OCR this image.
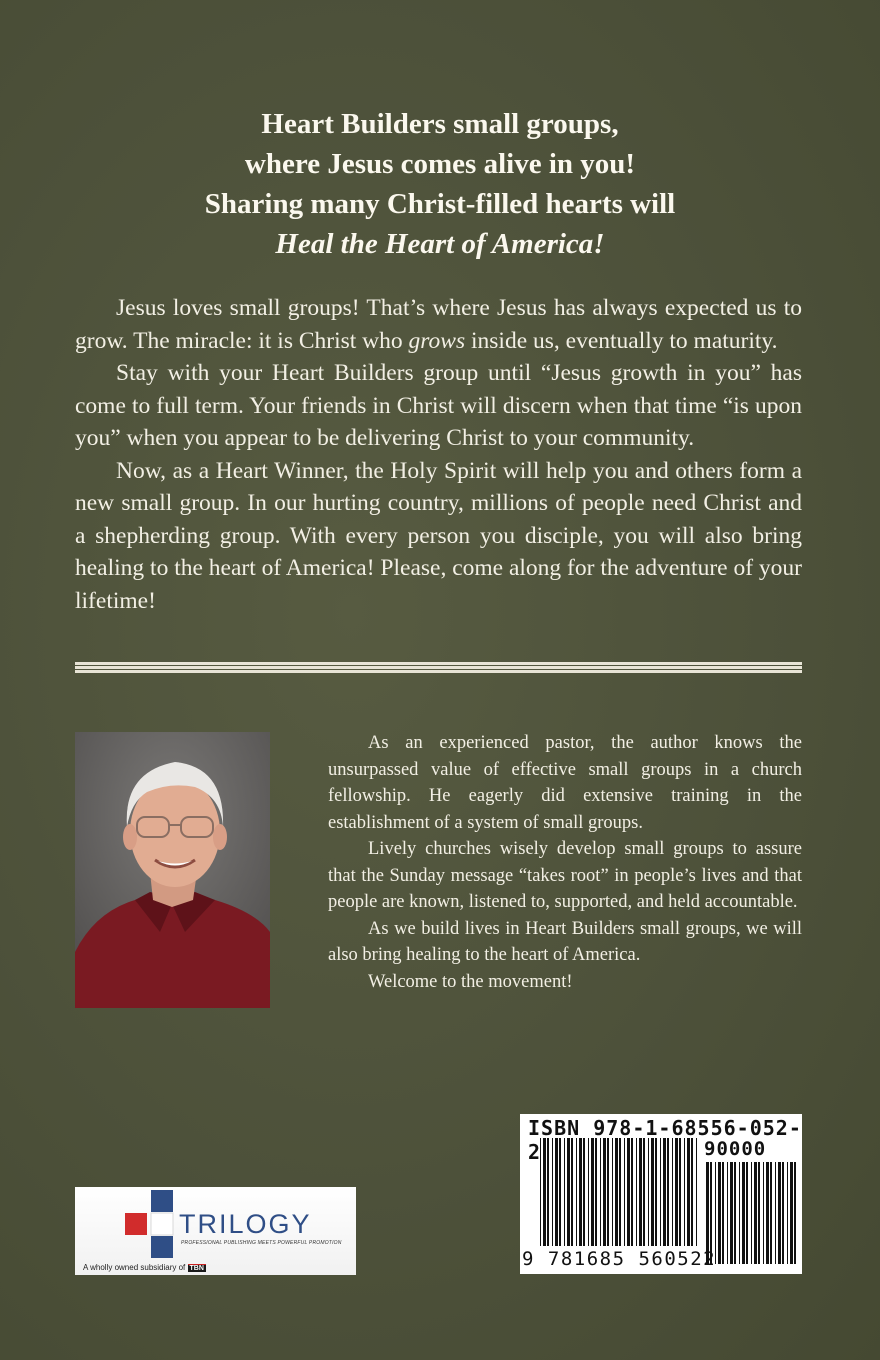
Heart Builders small groups,
where Jesus comes alive in you!
Sharing many Christ-filled hearts will
Heal the Heart of America!

Jesus loves small groups! That’s where Jesus has always expected us to grow. The miracle: it is Christ who grows inside us, eventually to maturity.

Stay with your Heart Builders group until “Jesus growth in you” has come to full term. Your friends in Christ will discern when that time “is upon you” when you appear to be delivering Christ to your community.

Now, as a Heart Winner, the Holy Spirit will help you and others form a new small group. In our hurting country, millions of people need Christ and a shepherding group. With every person you disciple, you will also bring healing to the heart of America! Please, come along for the adventure of your lifetime!

As an experienced pastor, the author knows the unsurpassed value of effective small groups in a church fellowship. He eagerly did extensive training in the establishment of a system of small groups.

Lively churches wisely develop small groups to assure that the Sunday message “takes root” in people’s lives and that people are known, listened to, supported, and held accountable.

As we build lives in Heart Builders small groups, we will also bring healing to the heart of America.

Welcome to the movement!

ISBN 978-1-68556-052-2	90000
9 781685 560522
TRILOGY
PROFESSIONAL PUBLISHING MEETS POWERFUL PROMOTION
A wholly owned subsidiary of TBN
